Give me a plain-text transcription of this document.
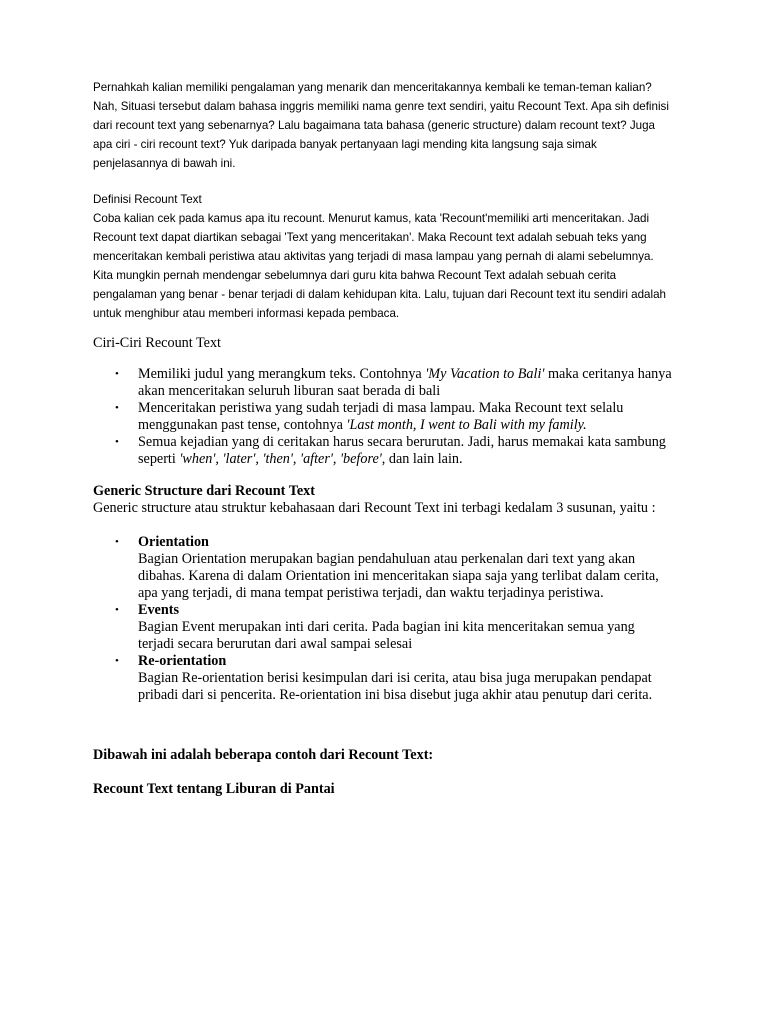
Pernahkah kalian memiliki pengalaman yang menarik dan menceritakannya kembali ke teman-teman kalian? Nah, Situasi tersebut dalam bahasa inggris memiliki nama genre text sendiri, yaitu Recount Text. Apa sih definisi dari recount text yang sebenarnya? Lalu bagaimana tata bahasa (generic structure) dalam recount text? Juga apa ciri - ciri recount text? Yuk daripada banyak pertanyaan lagi mending kita langsung saja simak penjelasannya di bawah ini.

Definisi Recount Text

Coba kalian cek pada kamus apa itu recount. Menurut kamus, kata 'Recount'memiliki arti menceritakan. Jadi Recount text dapat diartikan sebagai 'Text yang menceritakan'. Maka Recount text adalah sebuah teks yang menceritakan kembali peristiwa atau aktivitas yang terjadi di masa lampau yang pernah di alami sebelumnya. Kita mungkin pernah mendengar sebelumnya dari guru kita bahwa Recount Text adalah sebuah cerita pengalaman yang benar - benar terjadi di dalam kehidupan kita. Lalu, tujuan dari Recount text itu sendiri adalah untuk menghibur atau memberi informasi kepada pembaca.

Ciri-Ciri Recount Text

• Memiliki judul yang merangkum teks. Contohnya 'My Vacation to Bali' maka ceritanya hanya akan menceritakan seluruh liburan saat berada di bali
• Menceritakan peristiwa yang sudah terjadi di masa lampau. Maka Recount text selalu menggunakan past tense, contohnya 'Last month, I went to Bali with my family.
• Semua kejadian yang di ceritakan harus secara berurutan. Jadi, harus memakai kata sambung seperti 'when', 'later', 'then', 'after', 'before', dan lain lain.

Generic Structure dari Recount Text

Generic structure atau struktur kebahasaan dari Recount Text ini terbagi kedalam 3 susunan, yaitu :

• Orientation
Bagian Orientation merupakan bagian pendahuluan atau perkenalan dari text yang akan dibahas. Karena di dalam Orientation ini menceritakan siapa saja yang terlibat dalam cerita, apa yang terjadi, di mana tempat peristiwa terjadi, dan waktu terjadinya peristiwa.
• Events
Bagian Event merupakan inti dari cerita. Pada bagian ini kita menceritakan semua yang terjadi secara berurutan dari awal sampai selesai
• Re-orientation
Bagian Re-orientation berisi kesimpulan dari isi cerita, atau bisa juga merupakan pendapat pribadi dari si pencerita. Re-orientation ini bisa disebut juga akhir atau penutup dari cerita.

Dibawah ini adalah beberapa contoh dari Recount Text:

Recount Text tentang Liburan di Pantai
